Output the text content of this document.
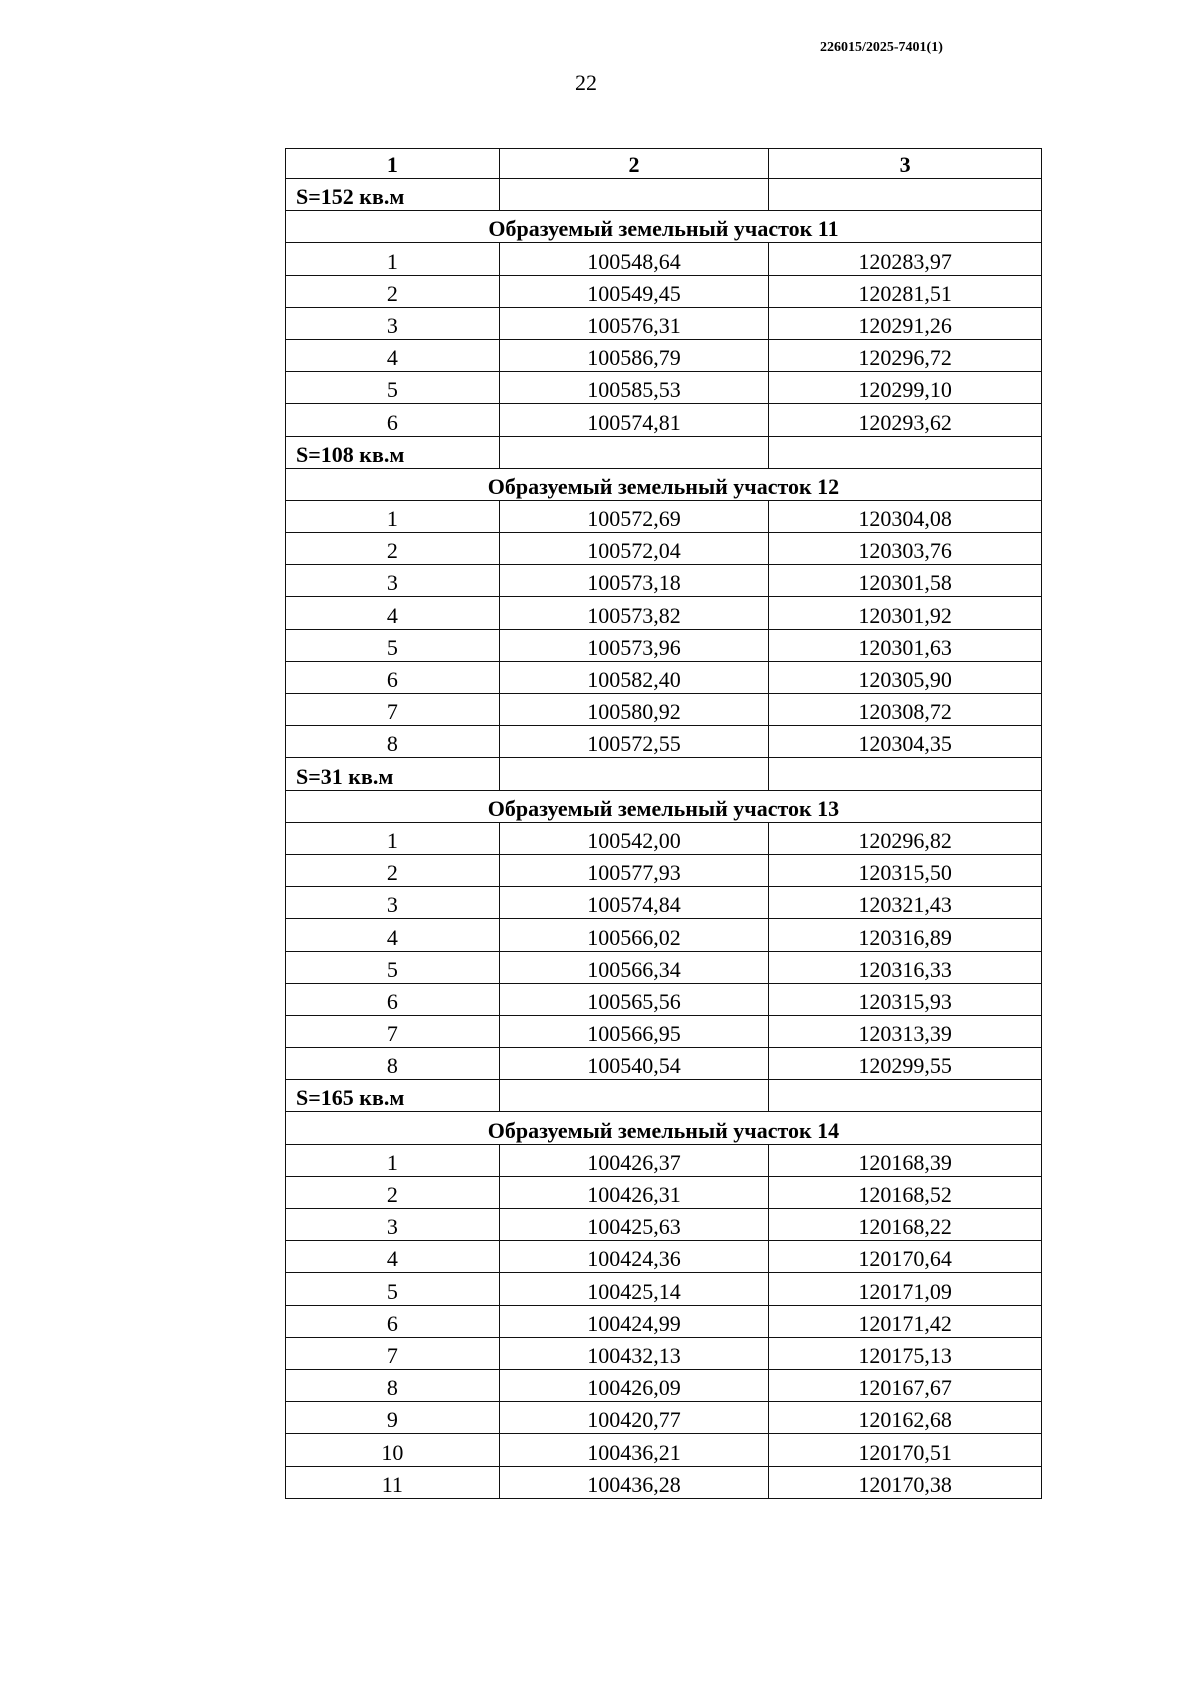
226015/2025-7401(1)
22
1	2	3
S=152 кв.м		
Образуемый земельный участок 11		
1	100548,64	120283,97
2	100549,45	120281,51
3	100576,31	120291,26
4	100586,79	120296,72
5	100585,53	120299,10
6	100574,81	120293,62
S=108 кв.м		
Образуемый земельный участок 12		
1	100572,69	120304,08
2	100572,04	120303,76
3	100573,18	120301,58
4	100573,82	120301,92
5	100573,96	120301,63
6	100582,40	120305,90
7	100580,92	120308,72
8	100572,55	120304,35
S=31 кв.м		
Образуемый земельный участок 13		
1	100542,00	120296,82
2	100577,93	120315,50
3	100574,84	120321,43
4	100566,02	120316,89
5	100566,34	120316,33
6	100565,56	120315,93
7	100566,95	120313,39
8	100540,54	120299,55
S=165 кв.м		
Образуемый земельный участок 14		
1	100426,37	120168,39
2	100426,31	120168,52
3	100425,63	120168,22
4	100424,36	120170,64
5	100425,14	120171,09
6	100424,99	120171,42
7	100432,13	120175,13
8	100426,09	120167,67
9	100420,77	120162,68
10	100436,21	120170,51
11	100436,28	120170,38
